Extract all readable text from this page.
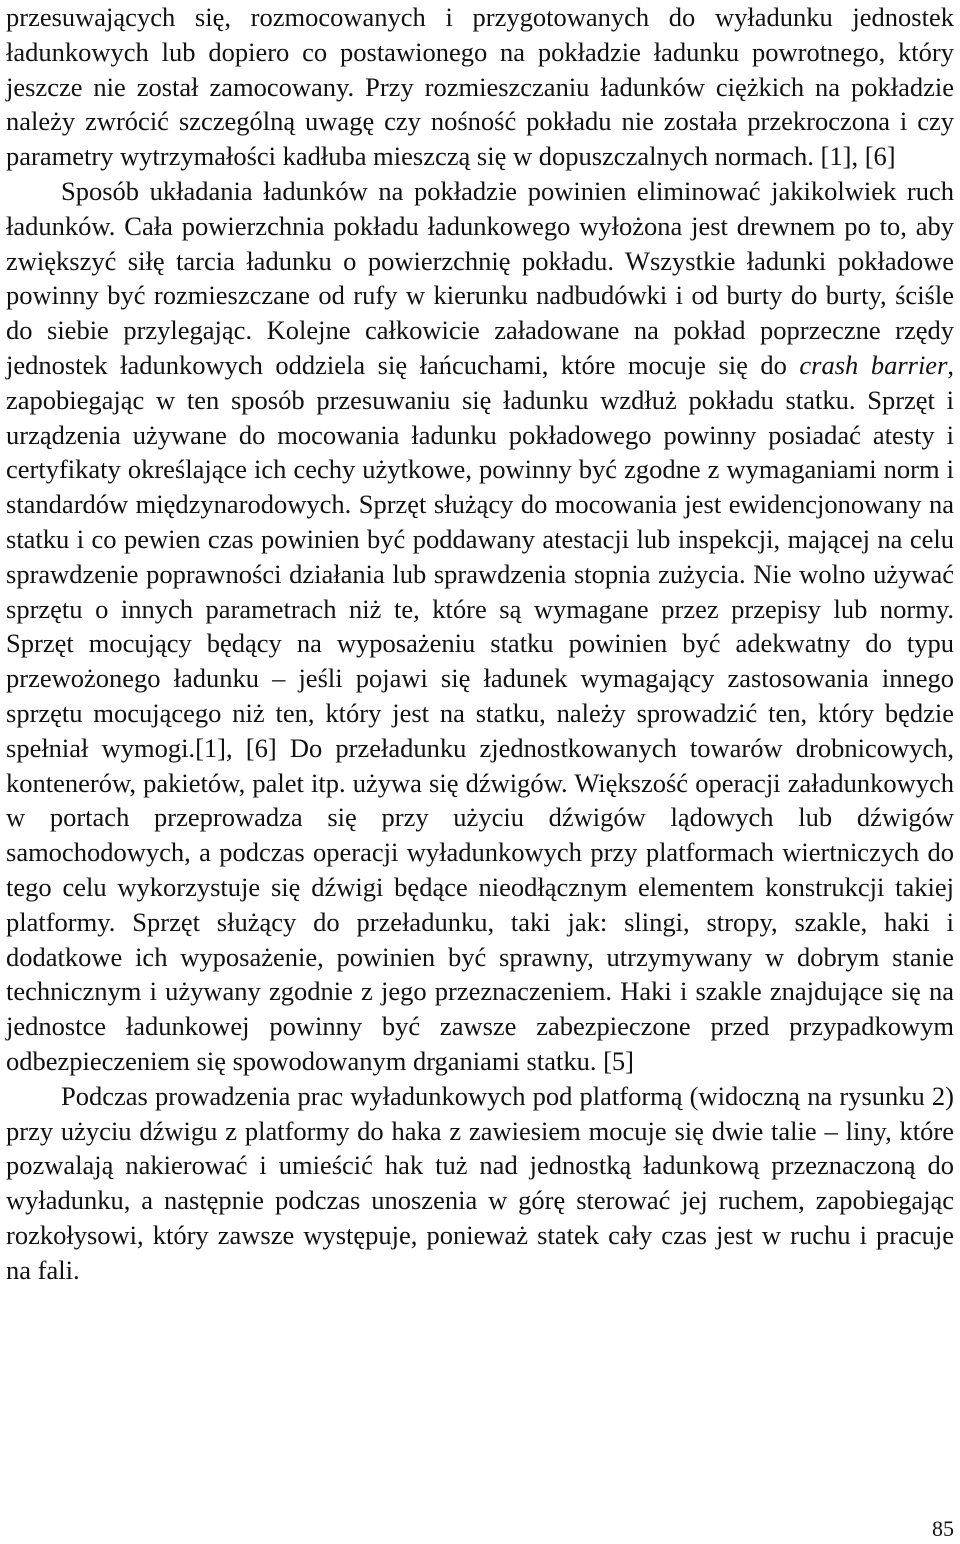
przesuwających się, rozmocowanych i przygotowanych do wyładunku jednostek ładunkowych lub dopiero co postawionego na pokładzie ładunku powrotnego, który jeszcze nie został zamocowany. Przy rozmieszczaniu ładunków ciężkich na pokładzie należy zwrócić szczególną uwagę czy nośność pokładu nie została przekroczona i czy parametry wytrzymałości kadłuba mieszczą się w dopuszczalnych normach. [1], [6]

Sposób układania ładunków na pokładzie powinien eliminować jakikolwiek ruch ładunków. Cała powierzchnia pokładu ładunkowego wyłożona jest drewnem po to, aby zwiększyć siłę tarcia ładunku o powierzchnię pokładu. Wszystkie ładunki pokładowe powinny być rozmieszczane od rufy w kierunku nadbudówki i od burty do burty, ściśle do siebie przylegając. Kolejne całkowicie załadowane na pokład poprzeczne rzędy jednostek ładunkowych oddziela się łańcuchami, które mocuje się do crash barrier, zapobiegając w ten sposób przesuwaniu się ładunku wzdłuż pokładu statku. Sprzęt i urządzenia używane do mocowania ładunku pokładowego powinny posiadać atesty i certyfikaty określające ich cechy użytkowe, powinny być zgodne z wymaganiami norm i standardów międzynarodowych. Sprzęt służący do mocowania jest ewidencjonowany na statku i co pewien czas powinien być poddawany atestacji lub inspekcji, mającej na celu sprawdzenie poprawności działania lub sprawdzenia stopnia zużycia. Nie wolno używać sprzętu o innych parametrach niż te, które są wymagane przez przepisy lub normy. Sprzęt mocujący będący na wyposażeniu statku powinien być adekwatny do typu przewożonego ładunku – jeśli pojawi się ładunek wymagający zastosowania innego sprzętu mocującego niż ten, który jest na statku, należy sprowadzić ten, który będzie spełniał wymogi.[1], [6] Do przeładunku zjednostkowanych towarów drobnicowych, kontenerów, pakietów, palet itp. używa się dźwigów. Większość operacji załadunkowych w portach przeprowadza się przy użyciu dźwigów lądowych lub dźwigów samochodowych, a podczas operacji wyładunkowych przy platformach wiertniczych do tego celu wykorzystuje się dźwigi będące nieodłącznym elementem konstrukcji takiej platformy. Sprzęt służący do przeładunku, taki jak: slingi, stropy, szakle, haki i dodatkowe ich wyposażenie, powinien być sprawny, utrzymywany w dobrym stanie technicznym i używany zgodnie z jego przeznaczeniem. Haki i szakle znajdujące się na jednostce ładunkowej powinny być zawsze zabezpieczone przed przypadkowym odbezpieczeniem się spowodowanym drganiami statku. [5]

Podczas prowadzenia prac wyładunkowych pod platformą (widoczną na rysunku 2) przy użyciu dźwigu z platformy do haka z zawiesiem mocuje się dwie talie – liny, które pozwalają nakierować i umieścić hak tuż nad jednostką ładunkową przeznaczoną do wyładunku, a następnie podczas unoszenia w górę sterować jej ruchem, zapobiegając rozkołysowi, który zawsze występuje, ponieważ statek cały czas jest w ruchu i pracuje na fali.

85
